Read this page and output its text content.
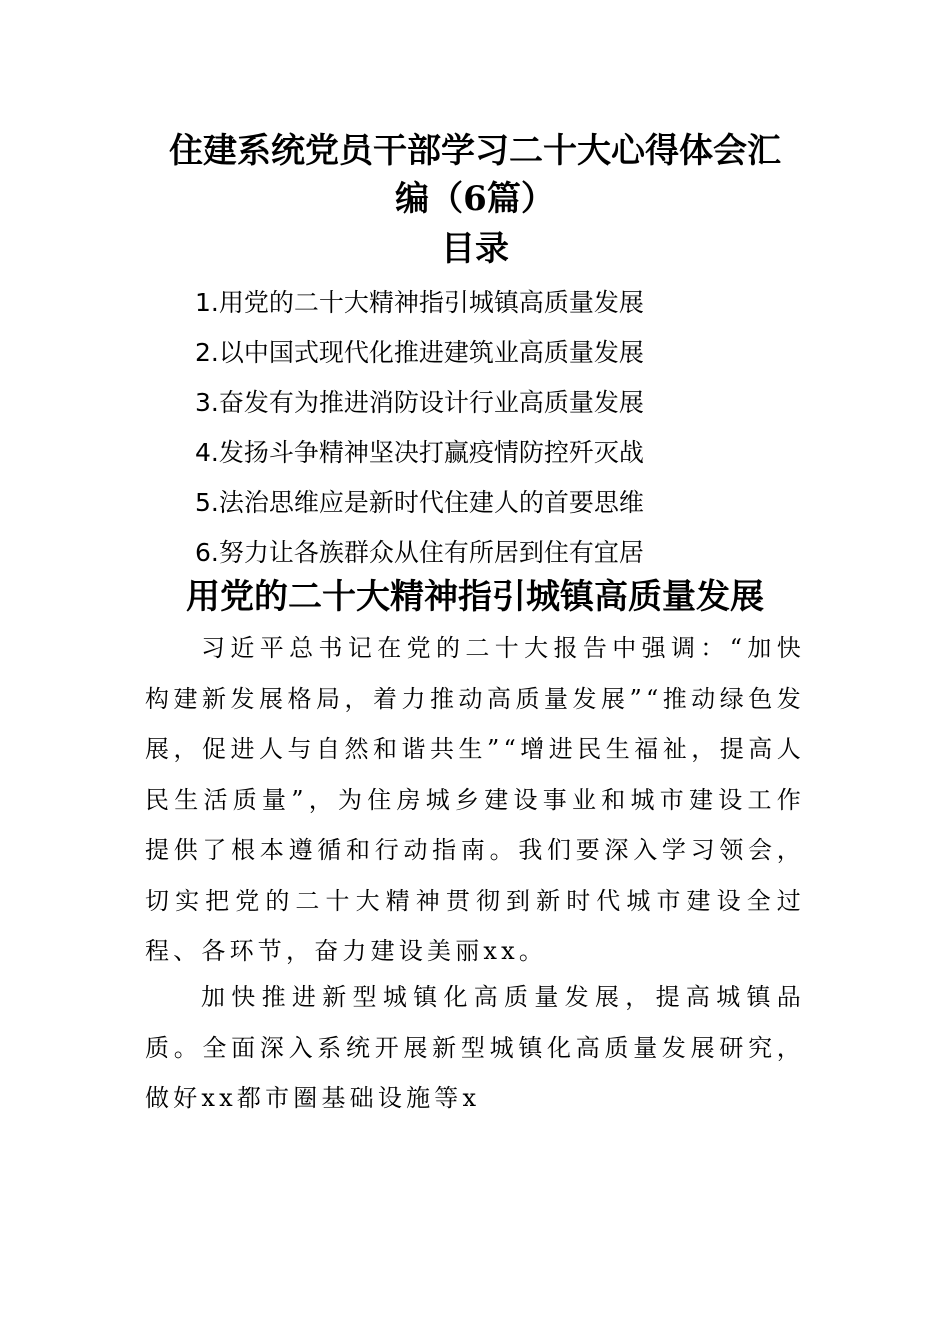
住建系统党员干部学习二十大心得体会汇
编（6篇）
目录
1.用党的二十大精神指引城镇高质量发展
2.以中国式现代化推进建筑业高质量发展
3.奋发有为推进消防设计行业高质量发展
4.发扬斗争精神坚决打赢疫情防控歼灭战
5.法治思维应是新时代住建人的首要思维
6.努力让各族群众从住有所居到住有宜居
用党的二十大精神指引城镇高质量发展

习近平总书记在党的二十大报告中强调：“加快构建新发展格局，着力推动高质量发展”“推动绿色发展，促进人与自然和谐共生”“增进民生福祉，提高人民生活质量”，为住房城乡建设事业和城市建设工作提供了根本遵循和行动指南。我们要深入学习领会，切实把党的二十大精神贯彻到新时代城市建设全过程、各环节，奋力建设美丽xx。

加快推进新型城镇化高质量发展，提高城镇品质。全面深入系统开展新型城镇化高质量发展研究，做好xx都市圈基础设施等x
